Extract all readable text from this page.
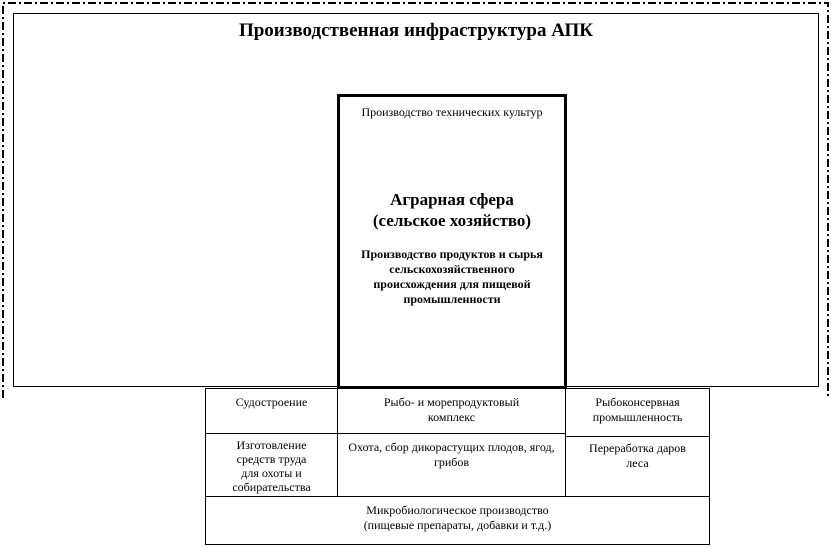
Производственная инфраструктура АПК
Производство технических культур
Аграрная сфера
(сельское хозяйство)
Производство продуктов и сырья сельскохозяйственного происхождения для пищевой промышленности
Судостроение	Рыбо- и морепродуктовый комплекс
Рыбоконсервная промышленность
Изготовление средств труда для охоты и собирательства
Охота, сбор дикорастущих плодов, ягод, грибов
Переработка даров леса
Микробиологическое производство
(пищевые препараты, добавки и т.д.)
